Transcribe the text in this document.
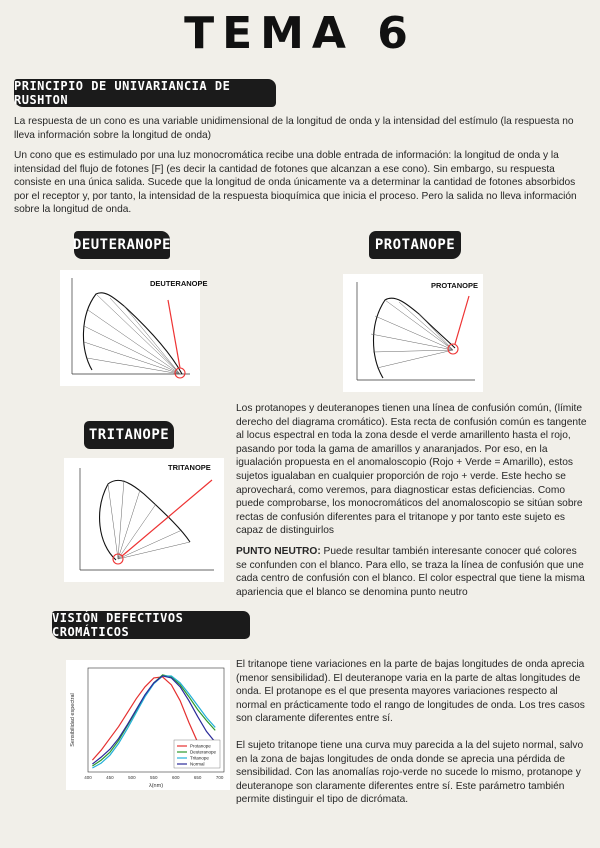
TEMA 6
PRINCIPIO DE UNIVARIANCIA DE RUSHTON

La respuesta de un cono es una variable unidimensional de la longitud de onda y la intensidad del estímulo (la respuesta no lleva información sobre la longitud de onda)

Un cono que es estimulado por una luz monocromática recibe una doble entrada de información: la longitud de onda y la intensidad del flujo de fotones [F] (es decir la cantidad de fotones que alcanzan a ese cono). Sin embargo, su respuesta consiste en una única salida. Sucede que la longitud de onda únicamente va a determinar la cantidad de fotones absorbidos por el receptor y, por tanto, la intensidad de la respuesta bioquímica que inicia el proceso. Pero la salida no lleva información sobre la longitud de onda.

DEUTERANOPE
DEUTERANOPE
PROTANOPE
PROTANOPE
TRITANOPE
TRITANOPE

Los protanopes y deuteranopes tienen una línea de confusión común, (límite derecho del diagrama cromático). Esta recta de confusión común es tangente al locus espectral en toda la zona desde el verde amarillento hasta el rojo, pasando por toda la gama de amarillos y anaranjados. Por eso, en la igualación propuesta en el anomaloscopio (Rojo + Verde = Amarillo), estos sujetos igualaban en cualquier proporción de rojo + verde. Este hecho se aprovechará, como veremos, para diagnosticar estas deficiencias. Como puede comprobarse, los monocromáticos del anomaloscopio se sitúan sobre rectas de confusión diferentes para el tritanope y por tanto este sujeto es capaz de distinguirlos

PUNTO NEUTRO: Puede resultar también interesante conocer qué colores se confunden con el blanco. Para ello, se traza la línea de confusión que une cada centro de confusión con el blanco. El color espectral que tiene la misma apariencia que el blanco se denomina punto neutro

VISIÓN DEFECTIVOS CROMÁTICOS
Sensibilidad espectral
λ(nm)
400	450	500	550	600	650	700
Protanope
Deuteranope
Tritanope
Normal

El tritanope tiene variaciones en la parte de bajas longitudes de onda aprecia (menor sensibilidad). El deuteranope varia en la parte de altas longitudes de onda. El protanope es el que presenta mayores variaciones respecto al normal en prácticamente todo el rango de longitudes de onda. Los tres casos son claramente diferentes entre sí.

El sujeto tritanope tiene una curva muy parecida a la del sujeto normal, salvo en la zona de bajas longitudes de onda donde se aprecia una pérdida de sensibilidad. Con las anomalías rojo-verde no sucede lo mismo, protanope y deuteranope son claramente diferentes entre sí. Este parámetro también permite distinguir el tipo de dicrómata.
